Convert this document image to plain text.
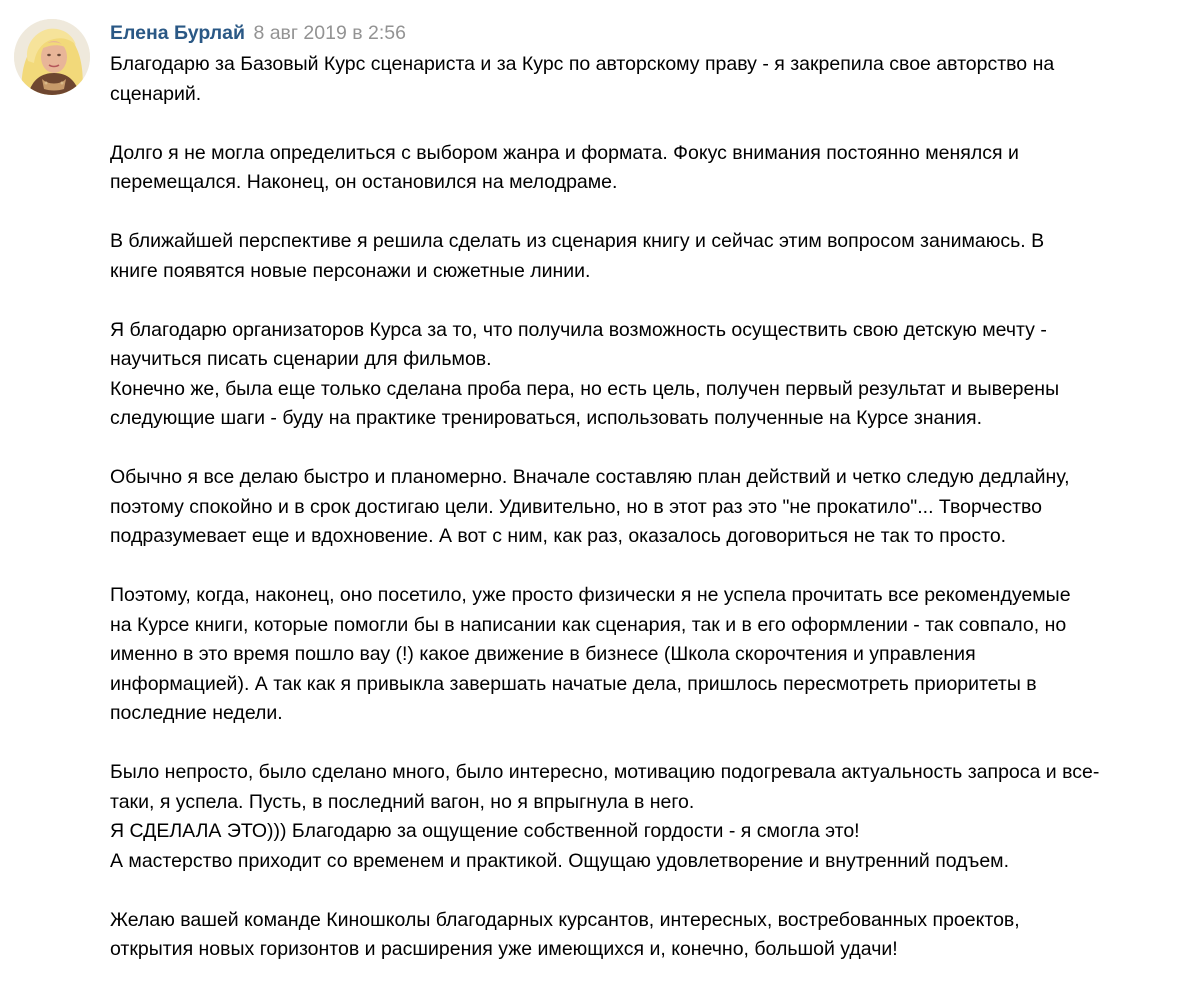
Елена Бурлай 8 авг 2019 в 2:56
Благодарю за Базовый Курс сценариста и за Курс по авторскому праву - я закрепила свое авторство на
сценарий.
Долго я не могла определиться с выбором жанра и формата. Фокус внимания постоянно менялся и
перемещался. Наконец, он остановился на мелодраме.
В ближайшей перспективе я решила сделать из сценария книгу и сейчас этим вопросом занимаюсь. В
книге появятся новые персонажи и сюжетные линии.
Я благодарю организаторов Курса за то, что получила возможность осуществить свою детскую мечту -
научиться писать сценарии для фильмов.
Конечно же, была еще только сделана проба пера, но есть цель, получен первый результат и выверены
следующие шаги - буду на практике тренироваться, использовать полученные на Курсе знания.
Обычно я все делаю быстро и планомерно. Вначале составляю план действий и четко следую дедлайну,
поэтому спокойно и в срок достигаю цели. Удивительно, но в этот раз это "не прокатило"... Творчество
подразумевает еще и вдохновение. А вот с ним, как раз, оказалось договориться не так то просто.
Поэтому, когда, наконец, оно посетило, уже просто физически я не успела прочитать все рекомендуемые
на Курсе книги, которые помогли бы в написании как сценария, так и в его оформлении - так совпало, но
именно в это время пошло вау (!) какое движение в бизнесе (Школа скорочтения и управления
информацией). А так как я привыкла завершать начатые дела, пришлось пересмотреть приоритеты в
последние недели.
Было непросто, было сделано много, было интересно, мотивацию подогревала актуальность запроса и все-
таки, я успела. Пусть, в последний вагон, но я впрыгнула в него.
Я СДЕЛАЛА ЭТО))) Благодарю за ощущение собственной гордости - я смогла это!
А мастерство приходит со временем и практикой. Ощущаю удовлетворение и внутренний подъем.
Желаю вашей команде Киношколы благодарных курсантов, интересных, востребованных проектов,
открытия новых горизонтов и расширения уже имеющихся и, конечно, большой удачи!
